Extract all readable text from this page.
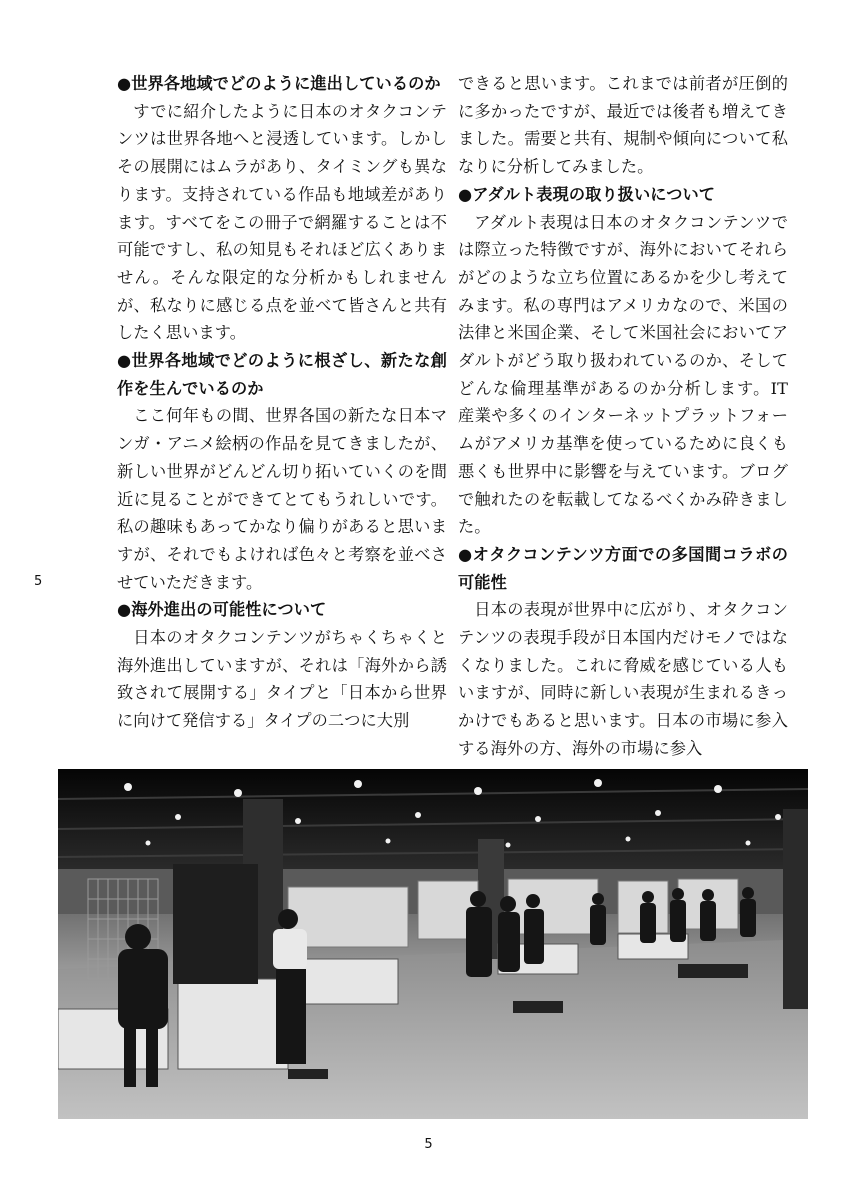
●世界各地域でどのように進出しているのか

すでに紹介したように日本のオタクコンテンツは世界各地へと浸透しています。しかしその展開にはムラがあり、タイミングも異なります。支持されている作品も地域差があります。すべてをこの冊子で網羅することは不可能ですし、私の知見もそれほど広くありません。そんな限定的な分析かもしれませんが、私なりに感じる点を並べて皆さんと共有したく思います。

●世界各地域でどのように根ざし、新たな創作を生んでいるのか

ここ何年もの間、世界各国の新たな日本マンガ・アニメ絵柄の作品を見てきましたが、新しい世界がどんどん切り拓いていくのを間近に見ることができてとてもうれしいです。私の趣味もあってかなり偏りがあると思いますが、それでもよければ色々と考察を並べさせていただきます。

●海外進出の可能性について

日本のオタクコンテンツがちゃくちゃくと海外進出していますが、それは「海外から誘致されて展開する」タイプと「日本から世界に向けて発信する」タイプの二つに大別

できると思います。これまでは前者が圧倒的に多かったですが、最近では後者も増えてきました。需要と共有、規制や傾向について私なりに分析してみました。

●アダルト表現の取り扱いについて

アダルト表現は日本のオタクコンテンツでは際立った特徴ですが、海外においてそれらがどのような立ち位置にあるかを少し考えてみます。私の専門はアメリカなので、米国の法律と米国企業、そして米国社会においてアダルトがどう取り扱われているのか、そしてどんな倫理基準があるのか分析します。IT 産業や多くのインターネットプラットフォームがアメリカ基準を使っているために良くも悪くも世界中に影響を与えています。ブログで触れたのを転載してなるべくかみ砕きました。

●オタクコンテンツ方面での多国間コラボの可能性

日本の表現が世界中に広がり、オタクコンテンツの表現手段が日本国内だけモノではなくなりました。これに脅威を感じている人もいますが、同時に新しい表現が生まれるきっかけでもあると思います。日本の市場に参入する海外の方、海外の市場に参入

5
5
